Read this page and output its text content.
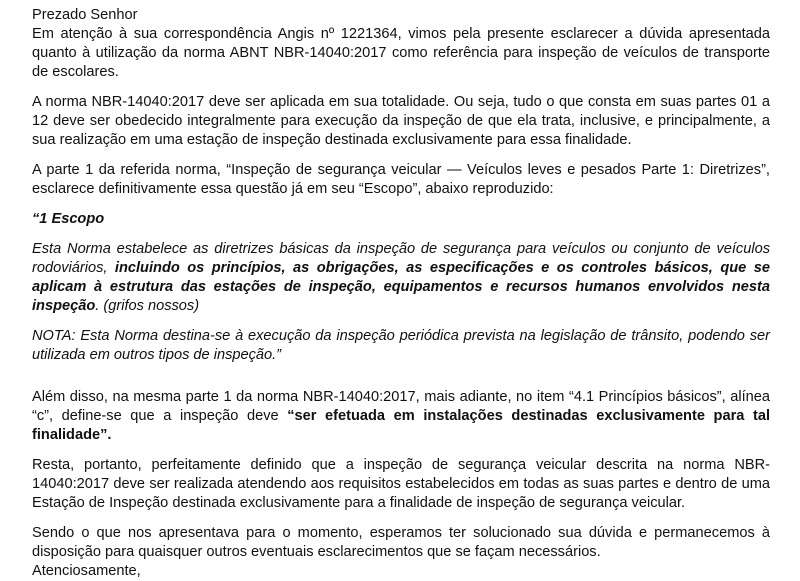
Prezado Senhor

Em atenção à sua correspondência Angis nº 1221364, vimos pela presente esclarecer a dúvida apresentada quanto à utilização da norma ABNT NBR-14040:2017 como referência para inspeção de veículos de transporte de escolares.

A norma NBR-14040:2017 deve ser aplicada em sua totalidade. Ou seja, tudo o que consta em suas partes 01 a 12 deve ser obedecido integralmente para execução da inspeção de que ela trata, inclusive, e principalmente, a sua realização em uma estação de inspeção destinada exclusivamente para essa finalidade.

A parte 1 da referida norma, “Inspeção de segurança veicular — Veículos leves e pesados Parte 1: Diretrizes”, esclarece definitivamente essa questão já em seu “Escopo”, abaixo reproduzido:

“1 Escopo

Esta Norma estabelece as diretrizes básicas da inspeção de segurança para veículos ou conjunto de veículos rodoviários, incluindo os princípios, as obrigações, as especificações e os controles básicos, que se aplicam à estrutura das estações de inspeção, equipamentos e recursos humanos envolvidos nesta inspeção. (grifos nossos)

NOTA: Esta Norma destina-se à execução da inspeção periódica prevista na legislação de trânsito, podendo ser utilizada em outros tipos de inspeção.”

Além disso, na mesma parte 1 da norma NBR-14040:2017, mais adiante, no item “4.1 Princípios básicos”, alínea “c”, define-se que a inspeção deve “ser efetuada em instalações destinadas exclusivamente para tal finalidade”.

Resta, portanto, perfeitamente definido que a inspeção de segurança veicular descrita na norma NBR-14040:2017 deve ser realizada atendendo aos requisitos estabelecidos em todas as suas partes e dentro de uma Estação de Inspeção destinada exclusivamente para a finalidade de inspeção de segurança veicular.

Sendo o que nos apresentava para o momento, esperamos ter solucionado sua dúvida e permanecemos à disposição para quaisquer outros eventuais esclarecimentos que se façam necessários.

Atenciosamente,
